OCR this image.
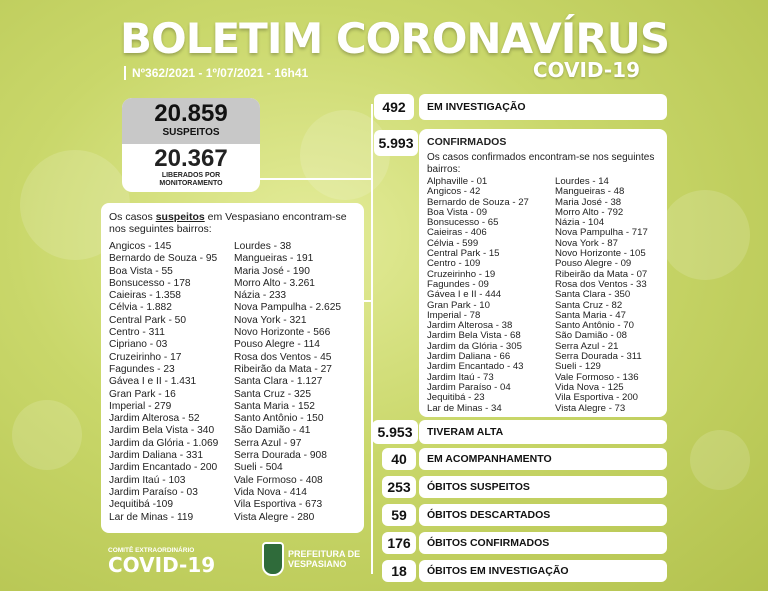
BOLETIM CORONAVÍRUS
Nº362/2021 - 1º/07/2021 - 16h41	COVID-19
20.859
SUSPEITOS
20.367
LIBERADOS POR
MONITORAMENTO
Os casos suspeitos em Vespasiano encontram-se nos seguintes bairros:
Angicos - 145
Bernardo de Souza - 95
Boa Vista - 55
Bonsucesso - 178
Caieiras - 1.358
Célvia - 1.882
Central Park - 50
Centro - 311
Cipriano - 03
Cruzeirinho - 17
Fagundes - 23
Gávea I e II - 1.431
Gran Park - 16
Imperial - 279
Jardim Alterosa - 52
Jardim Bela Vista - 340
Jardim da Glória - 1.069
Jardim Daliana - 331
Jardim Encantado - 200
Jardim Itaú - 103
Jardim Paraíso - 03
Jequitibá -109
Lar de Minas - 119
Lourdes - 38
Mangueiras - 191
Maria José - 190
Morro Alto - 3.261
Názia - 233
Nova Pampulha - 2.625
Nova York - 321
Novo Horizonte - 566
Pouso Alegre - 114
Rosa dos Ventos - 45
Ribeirão da Mata - 27
Santa Clara - 1.127
Santa Cruz - 325
Santa Maria - 152
Santo Antônio - 150
São Damião - 41
Serra Azul - 97
Serra Dourada - 908
Sueli - 504
Vale Formoso - 408
Vida Nova - 414
Vila Esportiva - 673
Vista Alegre - 280
492	EM INVESTIGAÇÃO
5.993	CONFIRMADOS
Os casos confirmados encontram-se nos seguintes bairros:
Alphaville - 01
Angicos - 42
Bernardo de Souza - 27
Boa Vista - 09
Bonsucesso - 65
Caieiras - 406
Célvia - 599
Central Park - 15
Centro - 109
Cruzeirinho - 19
Fagundes - 09
Gávea I e II - 444
Gran Park - 10
Imperial - 78
Jardim Alterosa - 38
Jardim Bela Vista - 68
Jardim da Glória - 305
Jardim Daliana - 66
Jardim Encantado - 43
Jardim Itaú - 73
Jardim Paraíso - 04
Jequitibá - 23
Lar de Minas - 34
Lourdes - 14
Mangueiras - 48
Maria José - 38
Morro Alto - 792
Názia - 104
Nova Pampulha - 717
Nova York - 87
Novo Horizonte - 105
Pouso Alegre - 09
Ribeirão da Mata - 07
Rosa dos Ventos - 33
Santa Clara - 350
Santa Cruz - 82
Santa Maria - 47
Santo Antônio - 70
São Damião - 08
Serra Azul - 21
Serra Dourada - 311
Sueli - 129
Vale Formoso - 136
Vida Nova - 125
Vila Esportiva - 200
Vista Alegre - 73
5.953	TIVERAM ALTA
40	EM ACOMPANHAMENTO
253	ÓBITOS SUSPEITOS
59	ÓBITOS DESCARTADOS
176	ÓBITOS CONFIRMADOS
18	ÓBITOS EM INVESTIGAÇÃO
COMITÊ EXTRAORDINÁRIO
COVID-19	PREFEITURA DE
VESPASIANO
